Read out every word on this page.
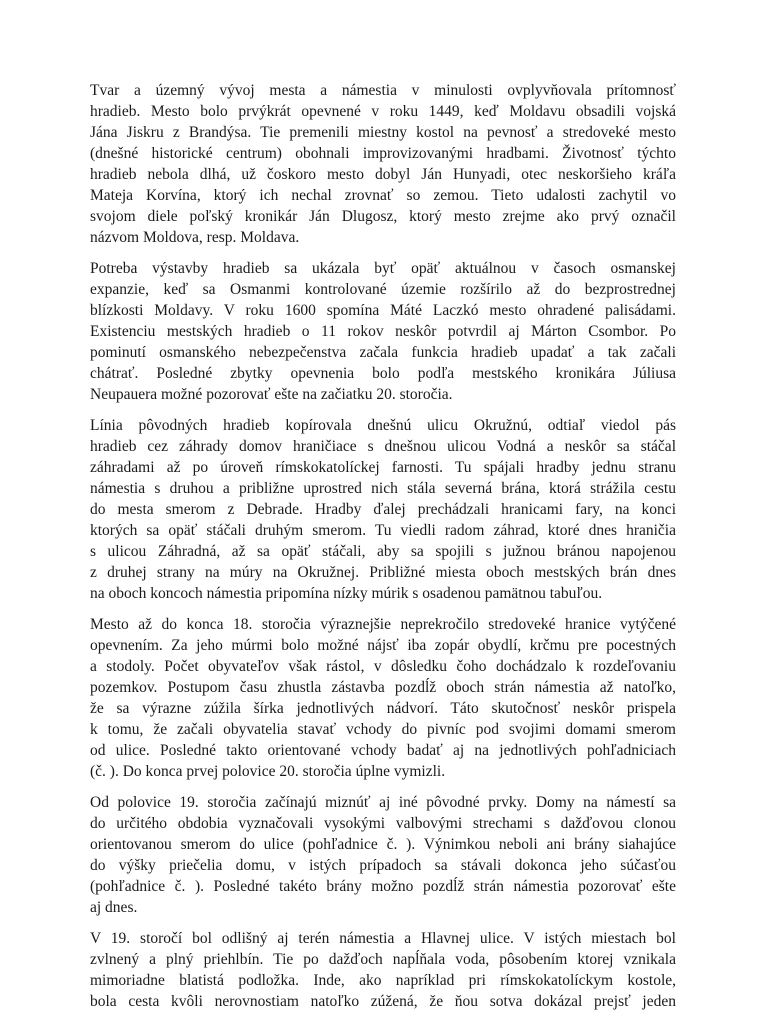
Tvar a územný vývoj mesta a námestia v minulosti ovplyvňovala prítomnosť
hradieb. Mesto bolo prvýkrát opevnené v roku 1449, keď Moldavu obsadili vojská
Jána Jiskru z Brandýsa. Tie premenili miestny kostol na pevnosť a stredoveké mesto
(dnešné historické centrum) obohnali improvizovanými hradbami. Životnosť týchto
hradieb nebola dlhá, už čoskoro mesto dobyl Ján Hunyadi, otec neskoršieho kráľa
Mateja Korvína, ktorý ich nechal zrovnať so zemou. Tieto udalosti zachytil vo
svojom diele poľský kronikár Ján Dlugosz, ktorý mesto zrejme ako prvý označil
názvom Moldova, resp. Moldava.
Potreba výstavby hradieb sa ukázala byť opäť aktuálnou v časoch osmanskej
expanzie, keď sa Osmanmi kontrolované územie rozšírilo až do bezprostrednej
blízkosti Moldavy. V roku 1600 spomína Máté Laczkó mesto ohradené palisádami.
Existenciu mestských hradieb o 11 rokov neskôr potvrdil aj Márton Csombor. Po
pominutí osmanského nebezpečenstva začala funkcia hradieb upadať a tak začali
chátrať. Posledné zbytky opevnenia bolo podľa mestského kronikára Júliusa
Neupauera možné pozorovať ešte na začiatku 20. storočia.
Línia pôvodných hradieb kopírovala dnešnú ulicu Okružnú, odtiaľ viedol pás
hradieb cez záhrady domov hraničiace s dnešnou ulicou Vodná a neskôr sa stáčal
záhradami až po úroveň rímskokatolíckej farnosti. Tu spájali hradby jednu stranu
námestia s druhou a približne uprostred nich stála severná brána, ktorá strážila cestu
do mesta smerom z Debrade. Hradby ďalej prechádzali hranicami fary, na konci
ktorých sa opäť stáčali druhým smerom. Tu viedli radom záhrad, ktoré dnes hraničia
s ulicou Záhradná, až sa opäť stáčali, aby sa spojili s južnou bránou napojenou
z druhej strany na múry na Okružnej. Približné miesta oboch mestských brán dnes
na oboch koncoch námestia pripomína nízky múrik s osadenou pamätnou tabuľou.
Mesto až do konca 18. storočia výraznejšie neprekročilo stredoveké hranice vytýčené
opevnením. Za jeho múrmi bolo možné nájsť iba zopár obydlí, krčmu pre pocestných
a stodoly. Počet obyvateľov však rástol, v dôsledku čoho dochádzalo k rozdeľovaniu
pozemkov. Postupom času zhustla zástavba pozdĺž oboch strán námestia až natoľko,
že sa výrazne zúžila šírka jednotlivých nádvorí. Táto skutočnosť neskôr prispela
k tomu, že začali obyvatelia stavať vchody do pivníc pod svojimi domami smerom
od ulice. Posledné takto orientované vchody badať aj na jednotlivých pohľadniciach
(č. ). Do konca prvej polovice 20. storočia úplne vymizli.
Od polovice 19. storočia začínajú miznúť aj iné pôvodné prvky. Domy na námestí sa
do určitého obdobia vyznačovali vysokými valbovými strechami s dažďovou clonou
orientovanou smerom do ulice (pohľadnice č. ). Výnimkou neboli ani brány siahajúce
do výšky priečelia domu, v istých prípadoch sa stávali dokonca jeho súčasťou
(pohľadnice č. ). Posledné takéto brány možno pozdĺž strán námestia pozorovať ešte
aj dnes.
V 19. storočí bol odlišný aj terén námestia a Hlavnej ulice. V istých miestach bol
zvlnený a plný priehlbín. Tie po dažďoch napĺňala voda, pôsobením ktorej vznikala
mimoriadne blatistá podložka. Inde, ako napríklad pri rímskokatolíckym kostole,
bola cesta kvôli nerovnostiam natoľko zúžená, že ňou sotva dokázal prejsť jeden
